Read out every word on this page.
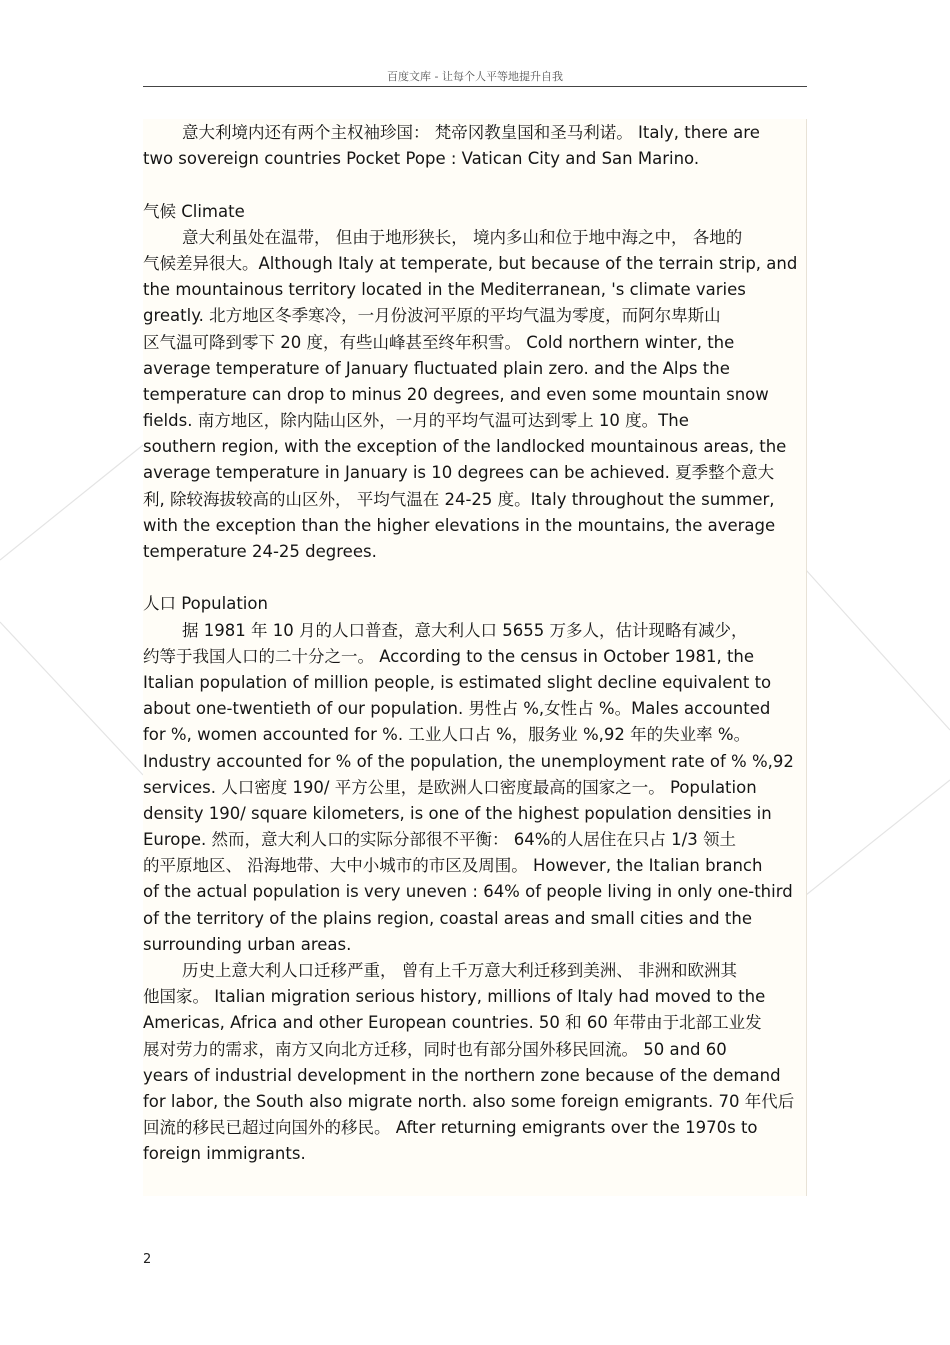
百度文库 - 让每个人平等地提升自我

意大利境内还有两个主权袖珍国： 梵帝冈教皇国和圣马利诺。 Italy, there are

two sovereign countries Pocket Pope : Vatican City and San Marino.

气候 Climate

意大利虽处在温带， 但由于地形狭长， 境内多山和位于地中海之中， 各地的

气候差异很大。Although Italy at temperate, but because of the terrain strip, and

the mountainous territory located in the Mediterranean, 's climate varies

greatly. 北方地区冬季寒冷，一月份波河平原的平均气温为零度，而阿尔卑斯山

区气温可降到零下 20 度，有些山峰甚至终年积雪。 Cold northern winter, the

average temperature of January fluctuated plain zero. and the Alps the

temperature can drop to minus 20 degrees, and even some mountain snow

fields. 南方地区，除内陆山区外，一月的平均气温可达到零上 10 度。The

southern region, with the exception of the landlocked mountainous areas, the

average temperature in January is 10 degrees can be achieved. 夏季整个意大

利, 除较海拔较高的山区外， 平均气温在 24-25 度。Italy throughout the summer,

with the exception than the higher elevations in the mountains, the average

temperature 24-25 degrees.

人口 Population

据 1981 年 10 月的人口普查，意大利人口 5655 万多人，估计现略有减少，

约等于我国人口的二十分之一。 According to the census in October 1981, the

Italian population of million people, is estimated slight decline equivalent to

about one-twentieth of our population. 男性占 %,女性占 %。Males accounted

for %, women accounted for %. 工业人口占 %，服务业 %,92 年的失业率 %。

Industry accounted for % of the population, the unemployment rate of % %,92

services. 人口密度 190/ 平方公里，是欧洲人口密度最高的国家之一。 Population

density 190/ square kilometers, is one of the highest population densities in

Europe. 然而，意大利人口的实际分部很不平衡： 64%的人居住在只占 1/3 领土

的平原地区、 沿海地带、大中小城市的市区及周围。 However, the Italian branch

of the actual population is very uneven : 64% of people living in only one-third

of the territory of the plains region, coastal areas and small cities and the

surrounding urban areas.

历史上意大利人口迁移严重， 曾有上千万意大利迁移到美洲、 非洲和欧洲其

他国家。 Italian migration serious history, millions of Italy had moved to the

Americas, Africa and other European countries. 50 和 60 年带由于北部工业发

展对劳力的需求，南方又向北方迁移，同时也有部分国外移民回流。 50 and 60

years of industrial development in the northern zone because of the demand

for labor, the South also migrate north. also some foreign emigrants. 70 年代后

回流的移民已超过向国外的移民。 After returning emigrants over the 1970s to

foreign immigrants.

2
